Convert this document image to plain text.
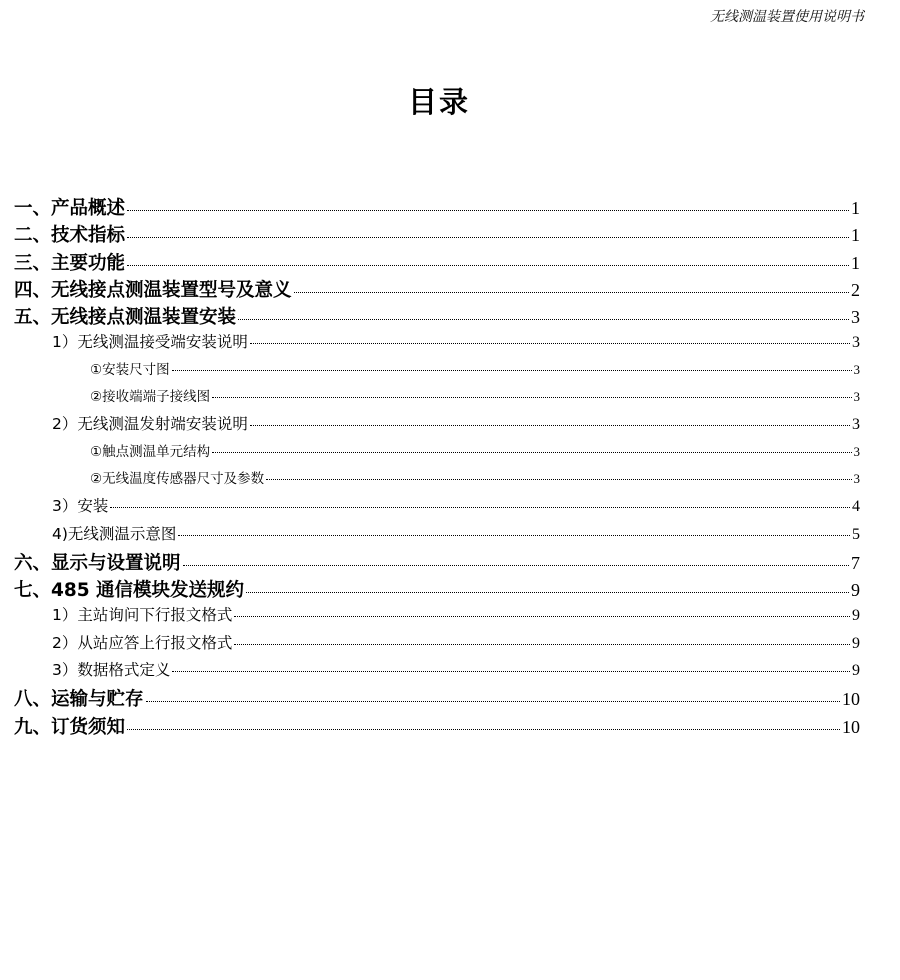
无线测温装置使用说明书
目录
一、产品概述	1
二、技术指标	1
三、主要功能	1
四、无线接点测温装置型号及意义	2
五、无线接点测温装置安装	3
1）无线测温接受端安装说明	3
①安装尺寸图	3
②接收端端子接线图	3
2）无线测温发射端安装说明	3
①触点测温单元结构	3
②无线温度传感器尺寸及参数	3
3）安装	4
4)无线测温示意图	5
六、显示与设置说明	7
七、485 通信模块发送规约	9
1）主站询问下行报文格式	9
2）从站应答上行报文格式	9
3）数据格式定义	9
八、运输与贮存	10
九、订货须知	10
